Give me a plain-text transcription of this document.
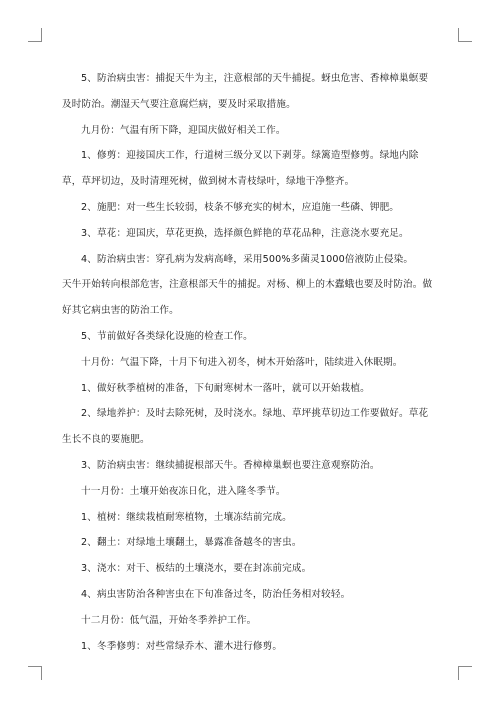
5、防治病虫害：捕捉天牛为主，注意根部的天牛捕捉。蚜虫危害、香樟樟巢螟要及时防治。潮湿天气要注意腐烂病，要及时采取措施。

九月份：气温有所下降，迎国庆做好相关工作。

1、修剪：迎接国庆工作，行道树三级分叉以下剥芽。绿篱造型修剪。绿地内除草，草坪切边，及时清理死树，做到树木青枝绿叶，绿地干净整齐。

2、施肥：对一些生长较弱，枝条不够充实的树木，应追施一些磷、钾肥。

3、草花：迎国庆，草花更换，选择颜色鲜艳的草花品种，注意浇水要充足。

4、防治病虫害：穿孔病为发病高峰，采用500%多菌灵1000倍液防止侵染。

天牛开始转向根部危害，注意根部天牛的捕捉。对杨、柳上的木蠹蛾也要及时防治。做好其它病虫害的防治工作。

5、节前做好各类绿化设施的检查工作。

十月份：气温下降，十月下旬进入初冬，树木开始落叶，陆续进入休眠期。

1、做好秋季植树的准备，下旬耐寒树木一落叶，就可以开始栽植。

2、绿地养护：及时去除死树，及时浇水。绿地、草坪挑草切边工作要做好。草花生长不良的要施肥。

3、防治病虫害：继续捕捉根部天牛。香樟樟巢螟也要注意观察防治。

十一月份：土壤开始夜冻日化，进入隆冬季节。

1、植树：继续栽植耐寒植物，土壤冻结前完成。

2、翻土：对绿地土壤翻土，暴露准备越冬的害虫。

3、浇水：对干、板结的土壤浇水，要在封冻前完成。

4、病虫害防治各种害虫在下旬准备过冬，防治任务相对较轻。

十二月份：低气温，开始冬季养护工作。

1、冬季修剪：对些常绿乔木、灌木进行修剪。
